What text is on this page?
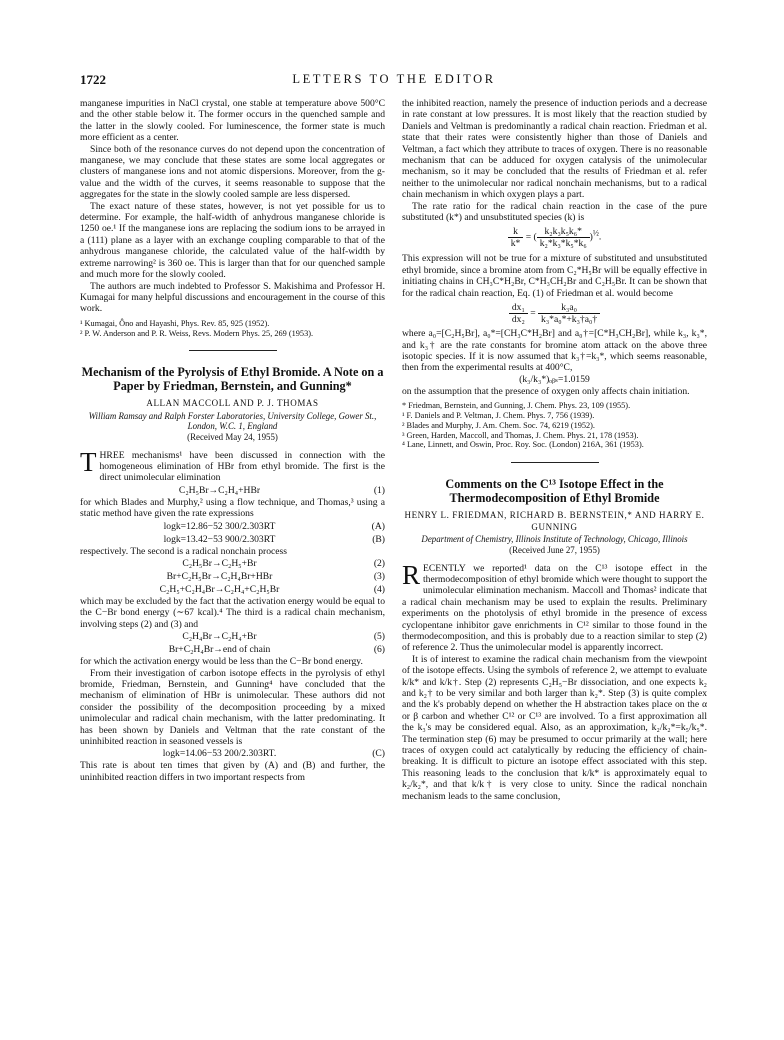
1722	LETTERS TO THE EDITOR

manganese impurities in NaCl crystal, one stable at temperature above 500°C and the other stable below it. The former occurs in the quenched sample and the latter in the slowly cooled. For luminescence, the former state is much more efficient as a center.

Since both of the resonance curves do not depend upon the concentration of manganese, we may conclude that these states are some local aggregates or clusters of manganese ions and not atomic dispersions. Moreover, from the g-value and the width of the curves, it seems reasonable to suppose that the aggregates for the state in the slowly cooled sample are less dispersed.

The exact nature of these states, however, is not yet possible for us to determine. For example, the half-width of anhydrous manganese chloride is 1250 oe.¹ If the manganese ions are replacing the sodium ions to be arrayed in a (111) plane as a layer with an exchange coupling comparable to that of the anhydrous manganese chloride, the calculated value of the half-width by extreme narrowing² is 360 oe. This is larger than that for our quenched sample and much more for the slowly cooled.

The authors are much indebted to Professor S. Makishima and Professor H. Kumagai for many helpful discussions and encouragement in the course of this work.

¹ Kumagai, Ôno and Hayashi, Phys. Rev. 85, 925 (1952).

² P. W. Anderson and P. R. Weiss, Revs. Modern Phys. 25, 269 (1953).

Mechanism of the Pyrolysis of Ethyl Bromide. A Note on a Paper by Friedman, Bernstein, and Gunning*
ALLAN MACCOLL AND P. J. THOMAS
William Ramsay and Ralph Forster Laboratories, University College, Gower St., London, W.C. 1, England
(Received May 24, 1955)

THREE mechanisms¹ have been discussed in connection with the homogeneous elimination of HBr from ethyl bromide. The first is the direct unimolecular elimination

C₂H₅Br→C₂H₄+HBr	(1)

for which Blades and Murphy,² using a flow technique, and Thomas,³ using a static method have given the rate expressions

logk=12.86−52 300/2.303RT	(A)
logk=13.42−53 900/2.303RT	(B)

respectively. The second is a radical nonchain process

C₂H₅Br→C₂H₅+Br	(2)
Br+C₂H₅Br→C₂H₄Br+HBr	(3)
C₂H₅+C₂H₄Br→C₂H₄+C₂H₅Br	(4)

which may be excluded by the fact that the activation energy would be equal to the C−Br bond energy (∼67 kcal).⁴ The third is a radical chain mechanism, involving steps (2) and (3) and

C₂H₄Br→C₂H₄+Br	(5)
Br+C₂H₄Br→end of chain	(6)

for which the activation energy would be less than the C−Br bond energy.

From their investigation of carbon isotope effects in the pyrolysis of ethyl bromide, Friedman, Bernstein, and Gunning⁴ have concluded that the mechanism of elimination of HBr is unimolecular. These authors did not consider the possibility of the decomposition proceeding by a mixed unimolecular and radical chain mechanism, with the latter predominating. It has been shown by Daniels and Veltman that the rate constant of the uninhibited reaction in seasoned vessels is

logk=14.06−53 200/2.303RT.	(C)

This rate is about ten times that given by (A) and (B) and further, the uninhibited reaction differs in two important respects from

the inhibited reaction, namely the presence of induction periods and a decrease in rate constant at low pressures. It is most likely that the reaction studied by Daniels and Veltman is predominantly a radical chain reaction. Friedman et al. state that their rates were consistently higher than those of Daniels and Veltman, a fact which they attribute to traces of oxygen. There is no reasonable mechanism that can be adduced for oxygen catalysis of the unimolecular mechanism, so it may be concluded that the results of Friedman et al. refer neither to the unimolecular nor radical nonchain mechanisms, but to a radical chain mechanism in which oxygen plays a part.

The rate ratio for the radical chain reaction in the case of the pure substituted (k*) and unsubstituted species (k) is

$\frac{k}{k*}$ = ( $\frac{\text{k₂k₃k₅k₆*}}{\text{k₂*k₃*k₅*k₆}} )^{\frac{1}{2}}$.

This expression will not be true for a mixture of substituted and unsubstituted ethyl bromide, since a bromine atom from C₂*H₅Br will be equally effective in initiating chains in CH₃C*H₂Br, C*H₃CH₂Br and C₂H₅Br. It can be shown that for the radical chain reaction, Eq. (1) of Friedman et al. would become

$\frac{\text{dx₁}}{\text{dx₂}} = \frac{\text{k₃a₀}}{\text{k₃*a₀*+k₃†a₀†}}$

where a₀=[C₂H₅Br], a₀*=[CH₃C*H₂Br] and a₀†=[C*H₃CH₂Br], while k₃, k₃*, and k₃† are the rate constants for bromine atom attack on the above three isotopic species. If it is now assumed that k₃†=k₃*, which seems reasonable, then from the experimental results at 400°C,

(k₃/k₃*)ₒᵦₛ=1.0159

on the assumption that the presence of oxygen only affects chain initiation.

* Friedman, Bernstein, and Gunning, J. Chem. Phys. 23, 109 (1955).

¹ F. Daniels and P. Veltman, J. Chem. Phys. 7, 756 (1939).

² Blades and Murphy, J. Am. Chem. Soc. 74, 6219 (1952).

³ Green, Harden, Maccoll, and Thomas, J. Chem. Phys. 21, 178 (1953).

⁴ Lane, Linnett, and Oswin, Proc. Roy. Soc. (London) 216A, 361 (1953).

Comments on the C¹³ Isotope Effect in the Thermodecomposition of Ethyl Bromide
HENRY L. FRIEDMAN, RICHARD B. BERNSTEIN,* AND HARRY E. GUNNING
Department of Chemistry, Illinois Institute of Technology, Chicago, Illinois
(Received June 27, 1955)

RECENTLY we reported¹ data on the C¹³ isotope effect in the thermodecomposition of ethyl bromide which were thought to support the unimolecular elimination mechanism. Maccoll and Thomas² indicate that a radical chain mechanism may be used to explain the results. Preliminary experiments on the photolysis of ethyl bromide in the presence of excess cyclopentane inhibitor gave enrichments in C¹² similar to those found in the thermodecomposition, and this is probably due to a reaction similar to step (2) of reference 2. Thus the unimolecular model is apparently incorrect.

It is of interest to examine the radical chain mechanism from the viewpoint of the isotope effects. Using the symbols of reference 2, we attempt to evaluate k/k* and k/k†. Step (2) represents C₂H₅−Br dissociation, and one expects k₂ and k₂† to be very similar and both larger than k₂*. Step (3) is quite complex and the k's probably depend on whether the H abstraction takes place on the α or β carbon and whether C¹² or C¹³ are involved. To a first approximation all the k₃'s may be considered equal. Also, as an approximation, k₂/k₂*=k₅/k₅*. The termination step (6) may be presumed to occur primarily at the wall; here traces of oxygen could act catalytically by reducing the efficiency of chain-breaking. It is difficult to picture an isotope effect associated with this step. This reasoning leads to the conclusion that k/k* is approximately equal to k₂/k₂*, and that k/k† is very close to unity. Since the radical nonchain mechanism leads to the same conclusion,
